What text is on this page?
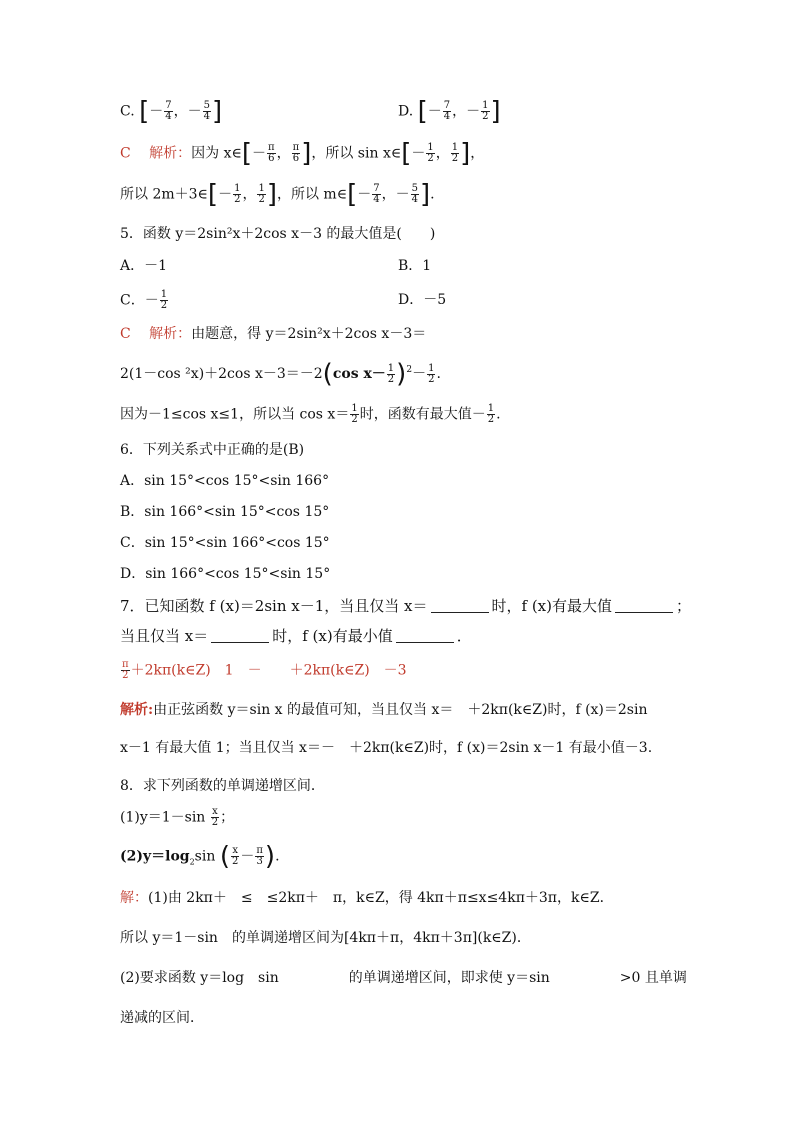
C. [－ $\frac{7}{4}$ ，－ $\frac{5}{4}$ ]	D. [－ $\frac{7}{4}$ ，－ $\frac{1}{2}$ ]
C　 解析：因为 x∈[－ $\frac{\pi}{6}$ ， $\frac{\pi}{6}$ ]，所以 sin x∈[－ $\frac{1}{2}$ ， $\frac{1}{2}$ ]，
所以 2m＋3∈[－ $\frac{1}{2}$ ， $\frac{1}{2}$ ]，所以 m∈[－ $\frac{7}{4}$ ，－ $\frac{5}{4}$ ].
5．函数 y＝2sin²x＋2cos x－3 的最大值是(　　)
A．－1	B．1
C．－ $\frac{1}{2}$	D．－5
C　 解析：由题意，得 y＝2sin²x＋2cos x－3＝
2(1－cos ²x)＋2cos x－3＝－2(cos $x- \frac{1}{2} )^2- \frac{1}{2}$ .
因为－1≤cos x≤1，所以当 $\cos x= \frac{1}{2}$ 时，函数有最大值－ $\frac{1}{2}$ .
6．下列关系式中正确的是(B)
A．sin 15°<cos 15°<sin 166°
B．sin 166°<sin 15°<cos 15°
C．sin 15°<sin 166°<cos 15°
D．sin 166°<cos 15°<sin 15°
7．已知函数 f (x)＝2sin x－1，当且仅当 x＝	时，f (x)有最大值	；
当且仅当 x＝	时，f (x)有最小值	．
$\frac{\pi}{2}$ ＋2kπ(k∈Z)　1　－　　＋2kπ(k∈Z)　－3
解析:由正弦函数 y＝sin x 的最值可知，当且仅当 x＝　＋2kπ(k∈Z)时，f (x)＝2sin
x－1 有最大值 1；当且仅当 x＝－　＋2kπ(k∈Z)时，f (x)＝2sin x－1 有最小值－3.
8．求下列函数的单调递增区间．
$(1)y=1-\sin \frac{x}{2}$ ；
$(2)y=\log_2\sin$ ( $\frac{x}{2} - \frac{\pi}{3}$ ).
解：(1)由 2kπ＋　≤　≤2kπ＋　π，k∈Z，得 4kπ＋π≤x≤4kπ＋3π，k∈Z．
所以 y＝1－sin　的单调递增区间为[4kπ＋π，4kπ＋3π](k∈Z)．
(2)要求函数 y＝log　sin　　　　　的单调递增区间，即求使 y＝sin　　　　　>0 且单调
递减的区间．
